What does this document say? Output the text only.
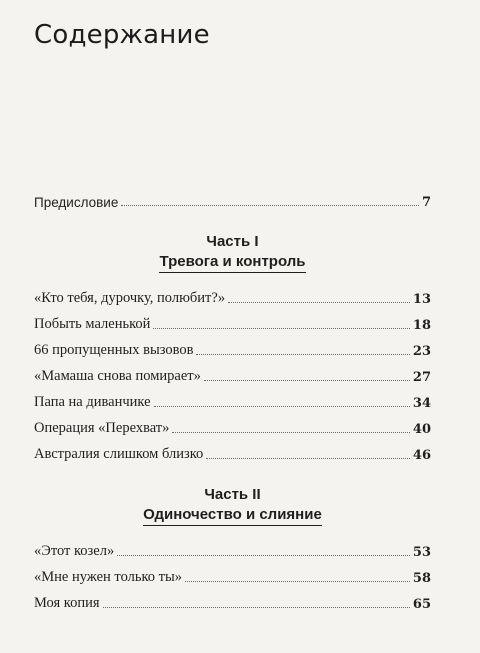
Содержание
Предисловие	7
Часть I
Тревога и контроль
«Кто тебя, дурочку, полюбит?»	13
Побыть маленькой	18
66 пропущенных вызовов	23
«Мамаша снова помирает»	27
Папа на диванчике	34
Операция «Перехват»	40
Австралия слишком близко	46
Часть II
Одиночество и слияние
«Этот козел»	53
«Мне нужен только ты»	58
Моя копия	65
